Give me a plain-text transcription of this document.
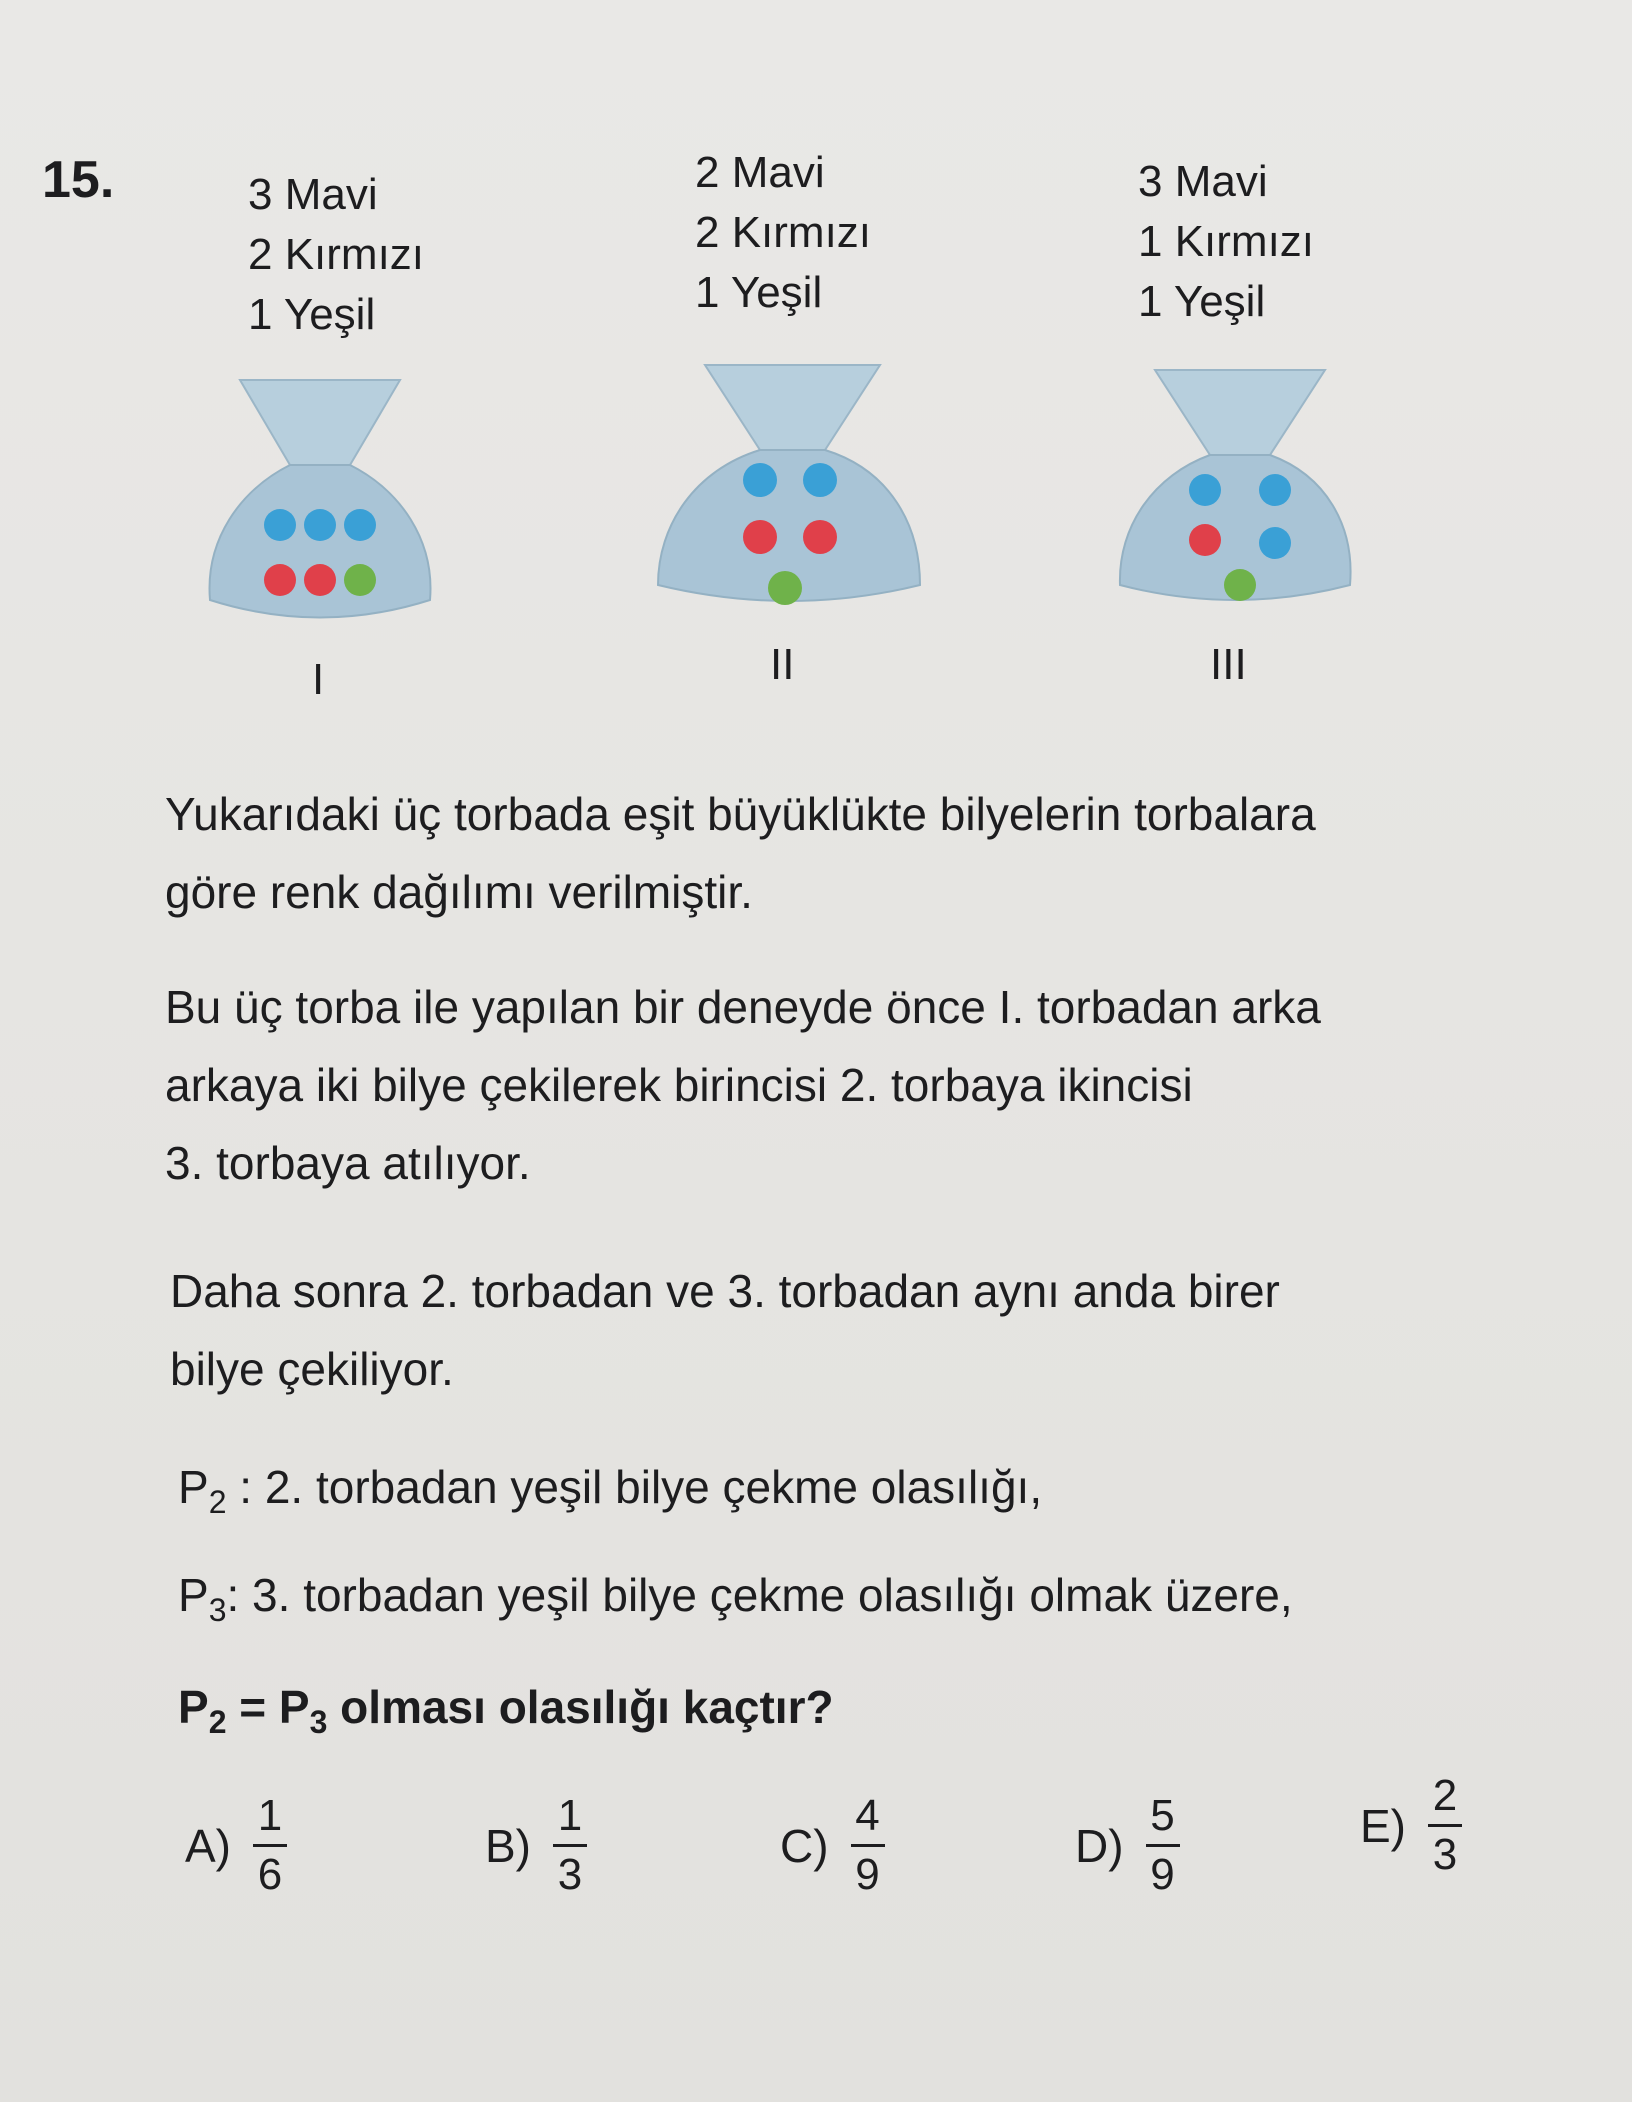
15.	3 Mavi
2 Kırmızı
1 Yeşil
2 Mavi
2 Kırmızı
1 Yeşil
3 Mavi
1 Kırmızı
1 Yeşil
I	II	III
Yukarıdaki üç torbada eşit büyüklükte bilyelerin torbalara
göre renk dağılımı verilmiştir.
Bu üç torba ile yapılan bir deneyde önce I. torbadan arka
arkaya iki bilye çekilerek birincisi 2. torbaya ikincisi
3. torbaya atılıyor.
Daha sonra 2. torbadan ve 3. torbadan aynı anda birer
bilye çekiliyor.
$P_2$ : 2. torbadan yeşil bilye çekme olasılığı,
$P_3$: 3. torbadan yeşil bilye çekme olasılığı olmak üzere,
$P_2 = P_3$ olması olasılığı kaçtır?
$A) \frac{1}{6}$	$B) \frac{1}{3}$	$C) \frac{4}{9}$	$D) \frac{5}{9}$	$E) \frac{2}{3}$
